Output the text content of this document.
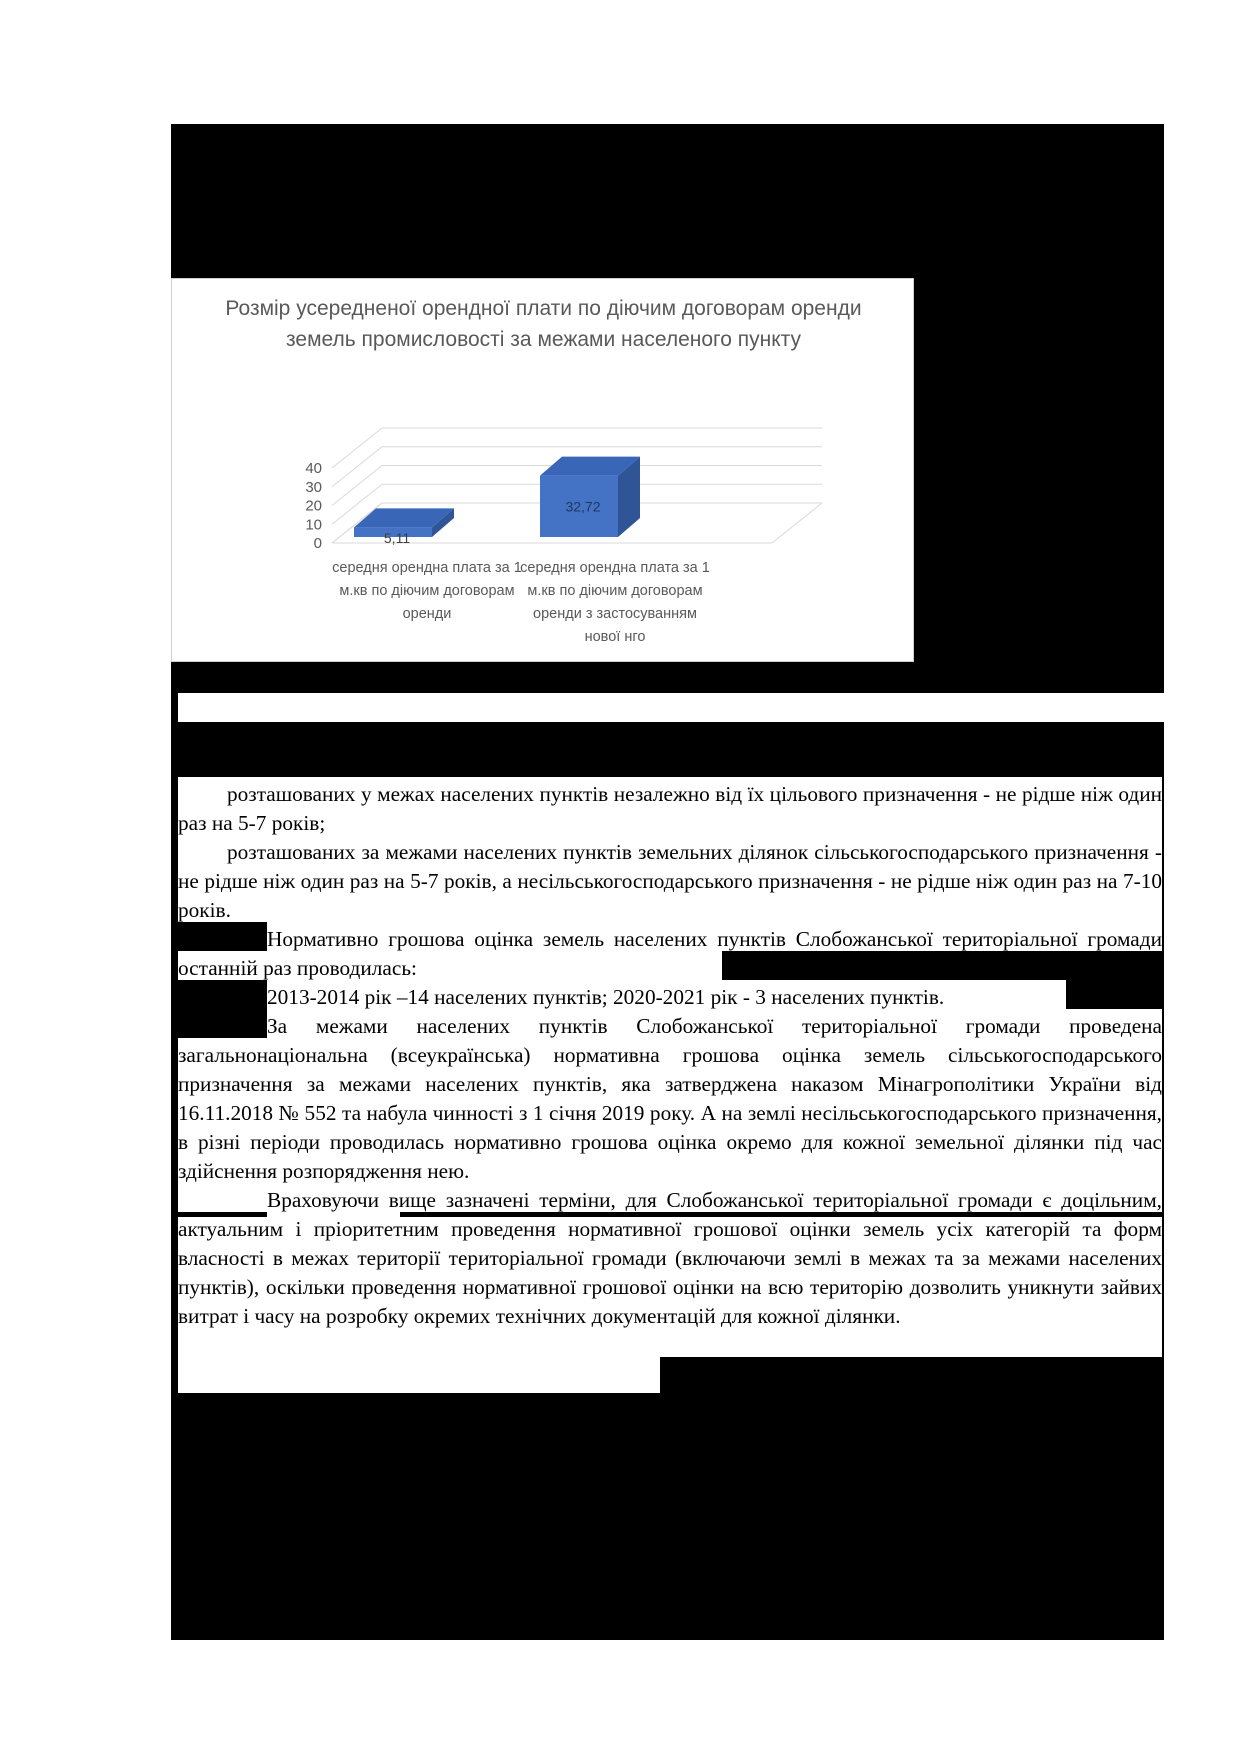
Розмір усередненої орендної плати по діючим договорам оренди земель промисловості за межами населеного пункту
0
10
20
30
40
5,11
32,72
середня орендна плата за 1 м.кв по діючим договорам оренди
середня орендна плата за 1 м.кв по діючим договорам оренди з застосуванням нової нго

розташованих у межах населених пунктів незалежно від їх цільового призначення - не рідше ніж один раз на 5-7 років;

розташованих за межами населених пунктів земельних ділянок сільськогосподарського призначення - не рідше ніж один раз на 5-7 років, а несільськогосподарського призначення - не рідше ніж один раз на 7-10 років.

Нормативно грошова оцінка земель населених пунктів Слобожанської територіальної громади останній раз проводилась:

2013-2014 рік –14 населених пунктів; 2020-2021 рік - 3 населених пунктів.

За межами населених пунктів Слобожанської територіальної громади проведена загальнонаціональна (всеукраїнська) нормативна грошова оцінка земель сільськогосподарського призначення за межами населених пунктів, яка затверджена наказом Мінагрополітики України від 16.11.2018 № 552 та набула чинності з 1 січня 2019 року. А на землі несільськогосподарського призначення, в різні періоди проводилась нормативно грошова оцінка окремо для кожної земельної ділянки під час здійснення розпорядження нею.

Враховуючи вище зазначені терміни, для Слобожанської територіальної громади є доцільним, актуальним і пріоритетним проведення нормативної грошової оцінки земель усіх категорій та форм власності в межах території територіальної громади (включаючи землі в межах та за межами населених пунктів), оскільки проведення нормативної грошової оцінки на всю територію дозволить уникнути зайвих витрат і часу на розробку окремих технічних документацій для кожної ділянки.
